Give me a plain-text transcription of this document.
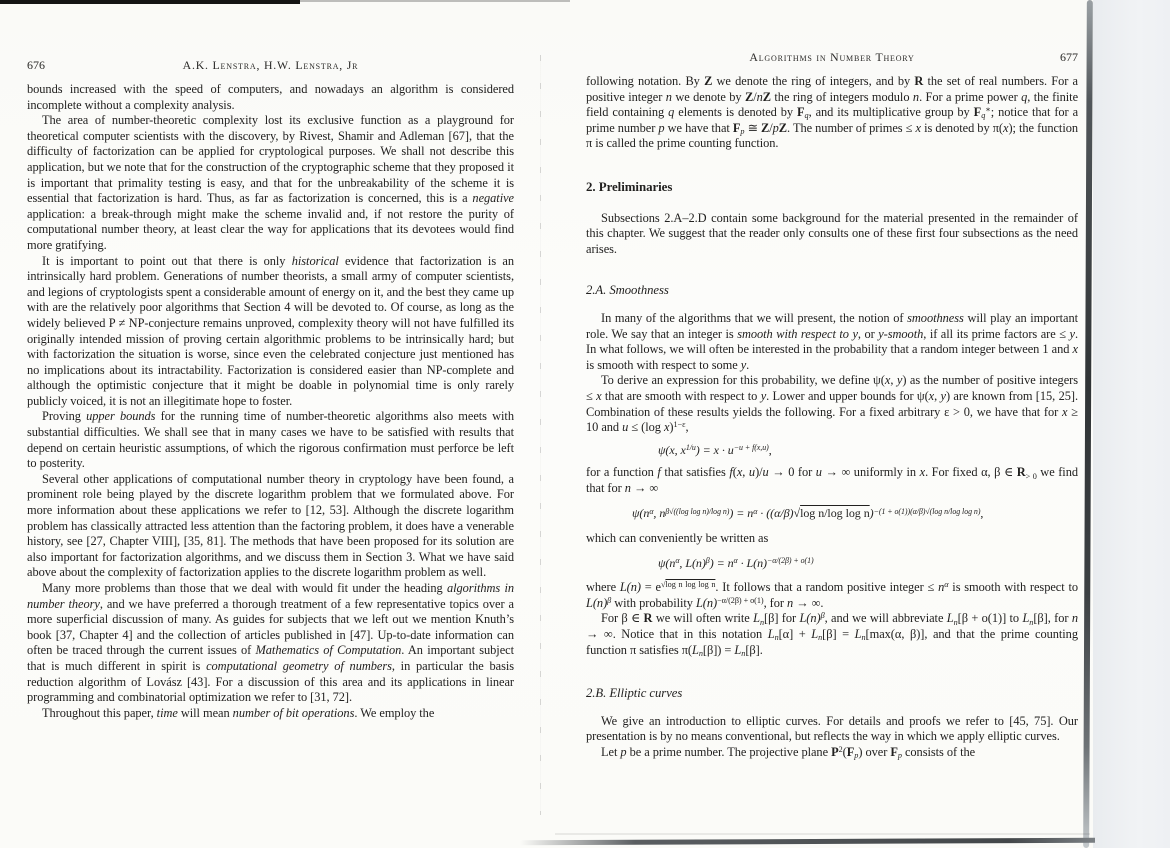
676	A.K. Lenstra, H.W. Lenstra, Jr

bounds increased with the speed of computers, and nowadays an algorithm is considered incomplete without a complexity analysis.

The area of number-theoretic complexity lost its exclusive function as a playground for theoretical computer scientists with the discovery, by Rivest, Shamir and Adleman [67], that the difficulty of factorization can be applied for cryptological purposes. We shall not describe this application, but we note that for the construction of the cryptographic scheme that they proposed it is important that primality testing is easy, and that for the unbreakability of the scheme it is essential that factorization is hard. Thus, as far as factorization is concerned, this is a negative application: a break-through might make the scheme invalid and, if not restore the purity of computational number theory, at least clear the way for applications that its devotees would find more gratifying.

It is important to point out that there is only historical evidence that factorization is an intrinsically hard problem. Generations of number theorists, a small army of computer scientists, and legions of cryptologists spent a considerable amount of energy on it, and the best they came up with are the relatively poor algorithms that Section 4 will be devoted to. Of course, as long as the widely believed P ≠ NP-conjecture remains unproved, complexity theory will not have fulfilled its originally intended mission of proving certain algorithmic problems to be intrinsically hard; but with factorization the situation is worse, since even the celebrated conjecture just mentioned has no implications about its intractability. Factorization is considered easier than NP-complete and although the optimistic conjecture that it might be doable in polynomial time is only rarely publicly voiced, it is not an illegitimate hope to foster.

Proving upper bounds for the running time of number-theoretic algorithms also meets with substantial difficulties. We shall see that in many cases we have to be satisfied with results that depend on certain heuristic assumptions, of which the rigorous confirmation must perforce be left to posterity.

Several other applications of computational number theory in cryptology have been found, a prominent role being played by the discrete logarithm problem that we formulated above. For more information about these applications we refer to [12, 53]. Although the discrete logarithm problem has classically attracted less attention than the factoring problem, it does have a venerable history, see [27, Chapter VIII], [35, 81]. The methods that have been proposed for its solution are also important for factorization algorithms, and we discuss them in Section 3. What we have said above about the complexity of factorization applies to the discrete logarithm problem as well.

Many more problems than those that we deal with would fit under the heading algorithms in number theory, and we have preferred a thorough treatment of a few representative topics over a more superficial discussion of many. As guides for subjects that we left out we mention Knuth’s book [37, Chapter 4] and the collection of articles published in [47]. Up-to-date information can often be traced through the current issues of Mathematics of Computation. An important subject that is much different in spirit is computational geometry of numbers, in particular the basis reduction algorithm of Lovász [43]. For a discussion of this area and its applications in linear programming and combinatorial optimization we refer to [31, 72].

Throughout this paper, time will mean number of bit operations. We employ the

Algorithms in Number Theory	677

following notation. By Z we denote the ring of integers, and by R the set of real numbers. For a positive integer n we denote by Z/nZ the ring of integers modulo n. For a prime power q, the finite field containing q elements is denoted by Fq, and its multiplicative group by Fq∗; notice that for a prime number p we have that Fp ≅ Z/pZ. The number of primes ≤ x is denoted by π(x); the function π is called the prime counting function.

2. Preliminaries

Subsections 2.A–2.D contain some background for the material presented in the remainder of this chapter. We suggest that the reader only consults one of these first four subsections as the need arises.

2.A. Smoothness

In many of the algorithms that we will present, the notion of smoothness will play an important role. We say that an integer is smooth with respect to y, or y-smooth, if all its prime factors are ≤ y. In what follows, we will often be interested in the probability that a random integer between 1 and x is smooth with respect to some y.

To derive an expression for this probability, we define ψ(x, y) as the number of positive integers ≤ x that are smooth with respect to y. Lower and upper bounds for ψ(x, y) are known from [15, 25]. Combination of these results yields the following. For a fixed arbitrary ε > 0, we have that for x ≥ 10 and u ≤ (log x)$^{1-\varepsilon}$,

ψ(x, $x^{1/u}) = x \cdot u^{-u + f(x,u)}$,

for a function f that satisfies f(x, u)/u → 0 for u → ∞ uniformly in x. For fixed α, β ∈ R> 0 we find that for n → ∞

$\psi(n^\alpha$, $n^{\beta√((log log n)/log n)}) = n^\alpha \cdot ((\alpha/\beta)√\log$ n/log log n)$^{-(1 + o(1))(\alpha/\beta)√(log n/log log n)}$,

which can conveniently be written as

$\psi(n^\alpha$, $L(n)^\beta) = n^\alpha \cdot L(n)^{-\alpha/(2\beta) + o(1)}$

where $L(n) = e^{√log n log log n}$. It follows that a random positive integer ≤ $n^\alpha$ is smooth with respect to $L(n)^\beta$ with probability $L(n)^{-\alpha/(2\beta) + o(1)}$, for n → ∞.

For β ∈ R we will often write Ln[β] for $L(n)^\beta$, and we will abbreviate Ln[β + o(1)] to Ln[β], for n → ∞. Notice that in this notation Ln[α] + Ln[β] = Ln[max(α, β)], and that the prime counting function π satisfies π(Ln[β]) = Ln[β].

2.B. Elliptic curves

We give an introduction to elliptic curves. For details and proofs we refer to [45, 75]. Our presentation is by no means conventional, but reflects the way in which we apply elliptic curves.

Let p be a prime number. The projective plane $P^2(Fp)$ over Fp consists of the
